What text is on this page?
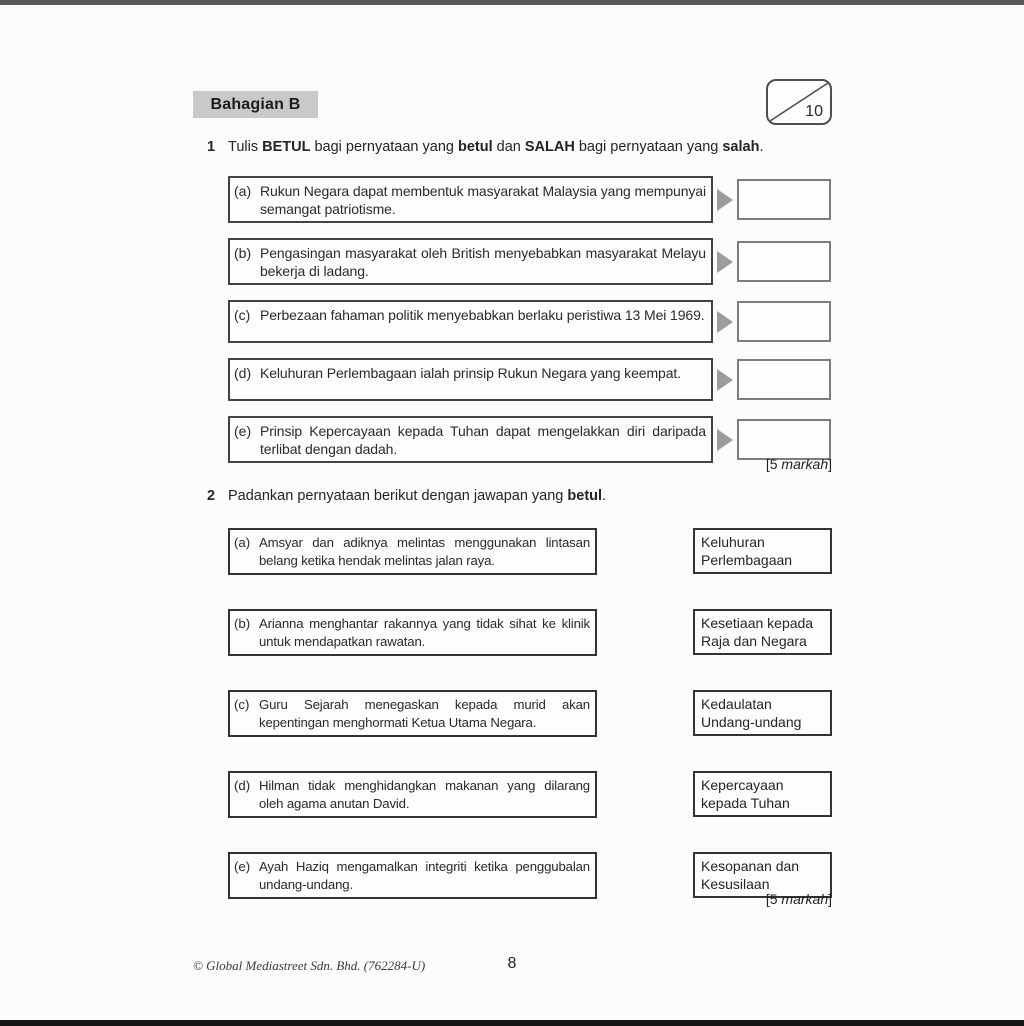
Bahagian B	10
1 Tulis BETUL bagi pernyataan yang betul dan SALAH bagi pernyataan yang salah.
(a) Rukun Negara dapat membentuk masyarakat Malaysia yang mempunyai semangat patriotisme.
(b) Pengasingan masyarakat oleh British menyebabkan masyarakat Melayu bekerja di ladang.
(c) Perbezaan fahaman politik menyebabkan berlaku peristiwa 13 Mei 1969.
(d) Keluhuran Perlembagaan ialah prinsip Rukun Negara yang keempat.
(e) Prinsip Kepercayaan kepada Tuhan dapat mengelakkan diri daripada terlibat dengan dadah.
[5 markah]
2 Padankan pernyataan berikut dengan jawapan yang betul.
(a) Amsyar dan adiknya melintas menggunakan lintasan belang ketika hendak melintas jalan raya.
Keluhuran Perlembagaan
(b) Arianna menghantar rakannya yang tidak sihat ke klinik untuk mendapatkan rawatan.
Kesetiaan kepada Raja dan Negara
(c) Guru Sejarah menegaskan kepada murid akan kepentingan menghormati Ketua Utama Negara.
Kedaulatan Undang-undang
(d) Hilman tidak menghidangkan makanan yang dilarang oleh agama anutan David.
Kepercayaan kepada Tuhan
(e) Ayah Haziq mengamalkan integriti ketika penggubalan undang-undang.
Kesopanan dan Kesusilaan
[5 markah]
© Global Mediastreet Sdn. Bhd. (762284-U)	8
